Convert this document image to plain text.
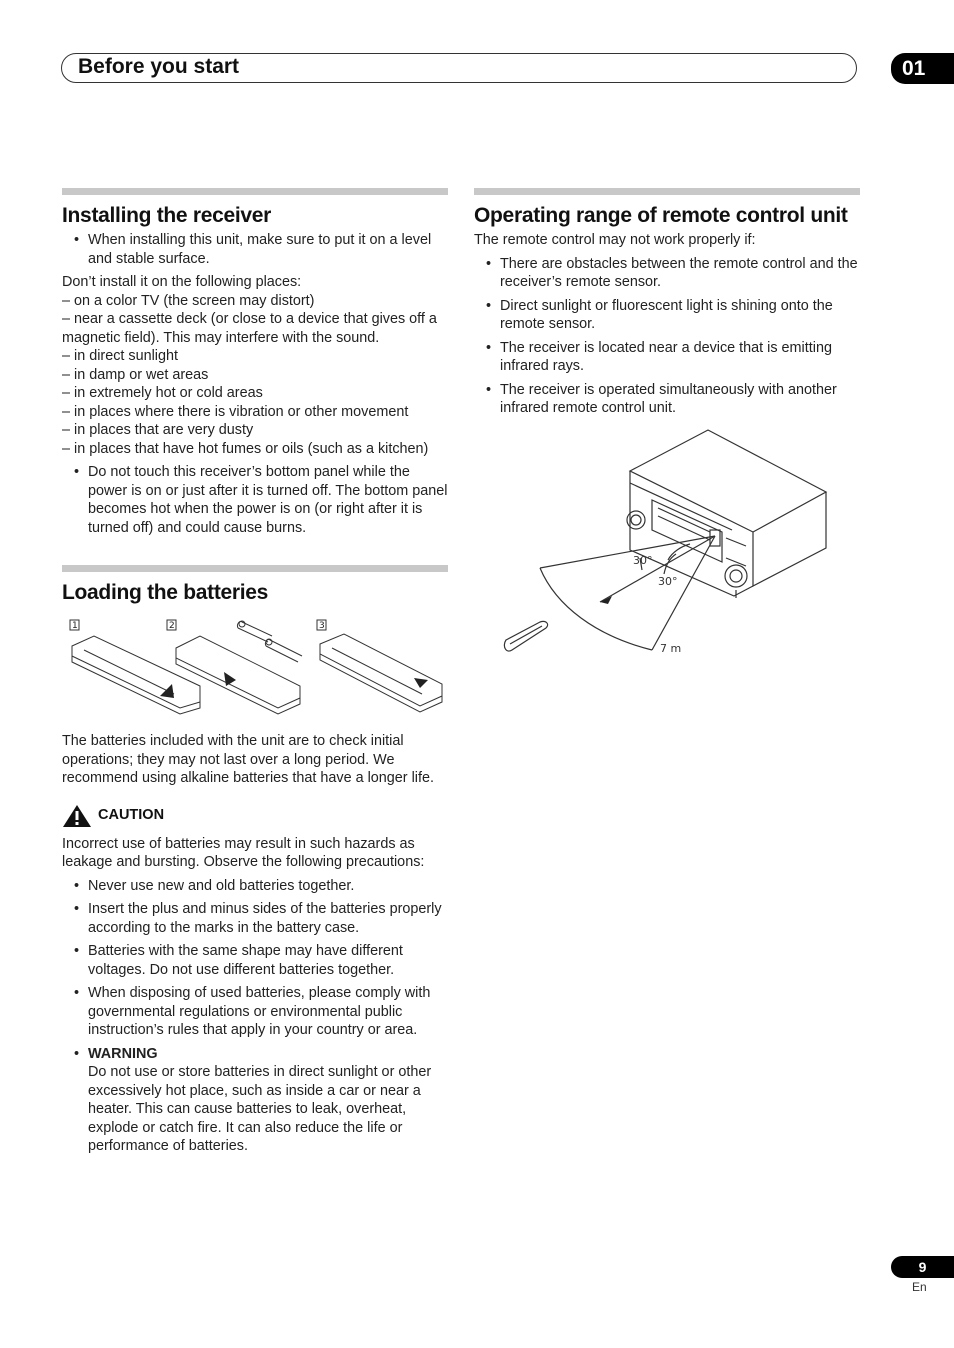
Before you start	01
Installing the receiver
• When installing this unit, make sure to put it on a level and stable surface.

Don’t install it on the following places:

– on a color TV (the screen may distort)

– near a cassette deck (or close to a device that gives off a magnetic field). This may interfere with the sound.

– in direct sunlight

– in damp or wet areas

– in extremely hot or cold areas

– in places where there is vibration or other movement

– in places that are very dusty

– in places that have hot fumes or oils (such as a kitchen)

• Do not touch this receiver’s bottom panel while the power is on or just after it is turned off. The bottom panel becomes hot when the power is on (or right after it is turned off) and could cause burns.
Loading the batteries
1	2	3

The batteries included with the unit are to check initial operations; they may not last over a long period. We recommend using alkaline batteries that have a longer life.

CAUTION

Incorrect use of batteries may result in such hazards as leakage and bursting. Observe the following precautions:

• Never use new and old batteries together.
• Insert the plus and minus sides of the batteries properly according to the marks in the battery case.
• Batteries with the same shape may have different voltages. Do not use different batteries together.
• When disposing of used batteries, please comply with governmental regulations or environmental public instruction’s rules that apply in your country or area.
• WARNING
Do not use or store batteries in direct sunlight or other excessively hot place, such as inside a car or near a heater. This can cause batteries to leak, overheat, explode or catch fire. It can also reduce the life or performance of batteries.
Operating range of remote control unit

The remote control may not work properly if:

• There are obstacles between the remote control and the receiver’s remote sensor.
• Direct sunlight or fluorescent light is shining onto the remote sensor.
• The receiver is located near a device that is emitting infrared rays.
• The receiver is operated simultaneously with another infrared remote control unit.
30°
30°
7 m
9
En
